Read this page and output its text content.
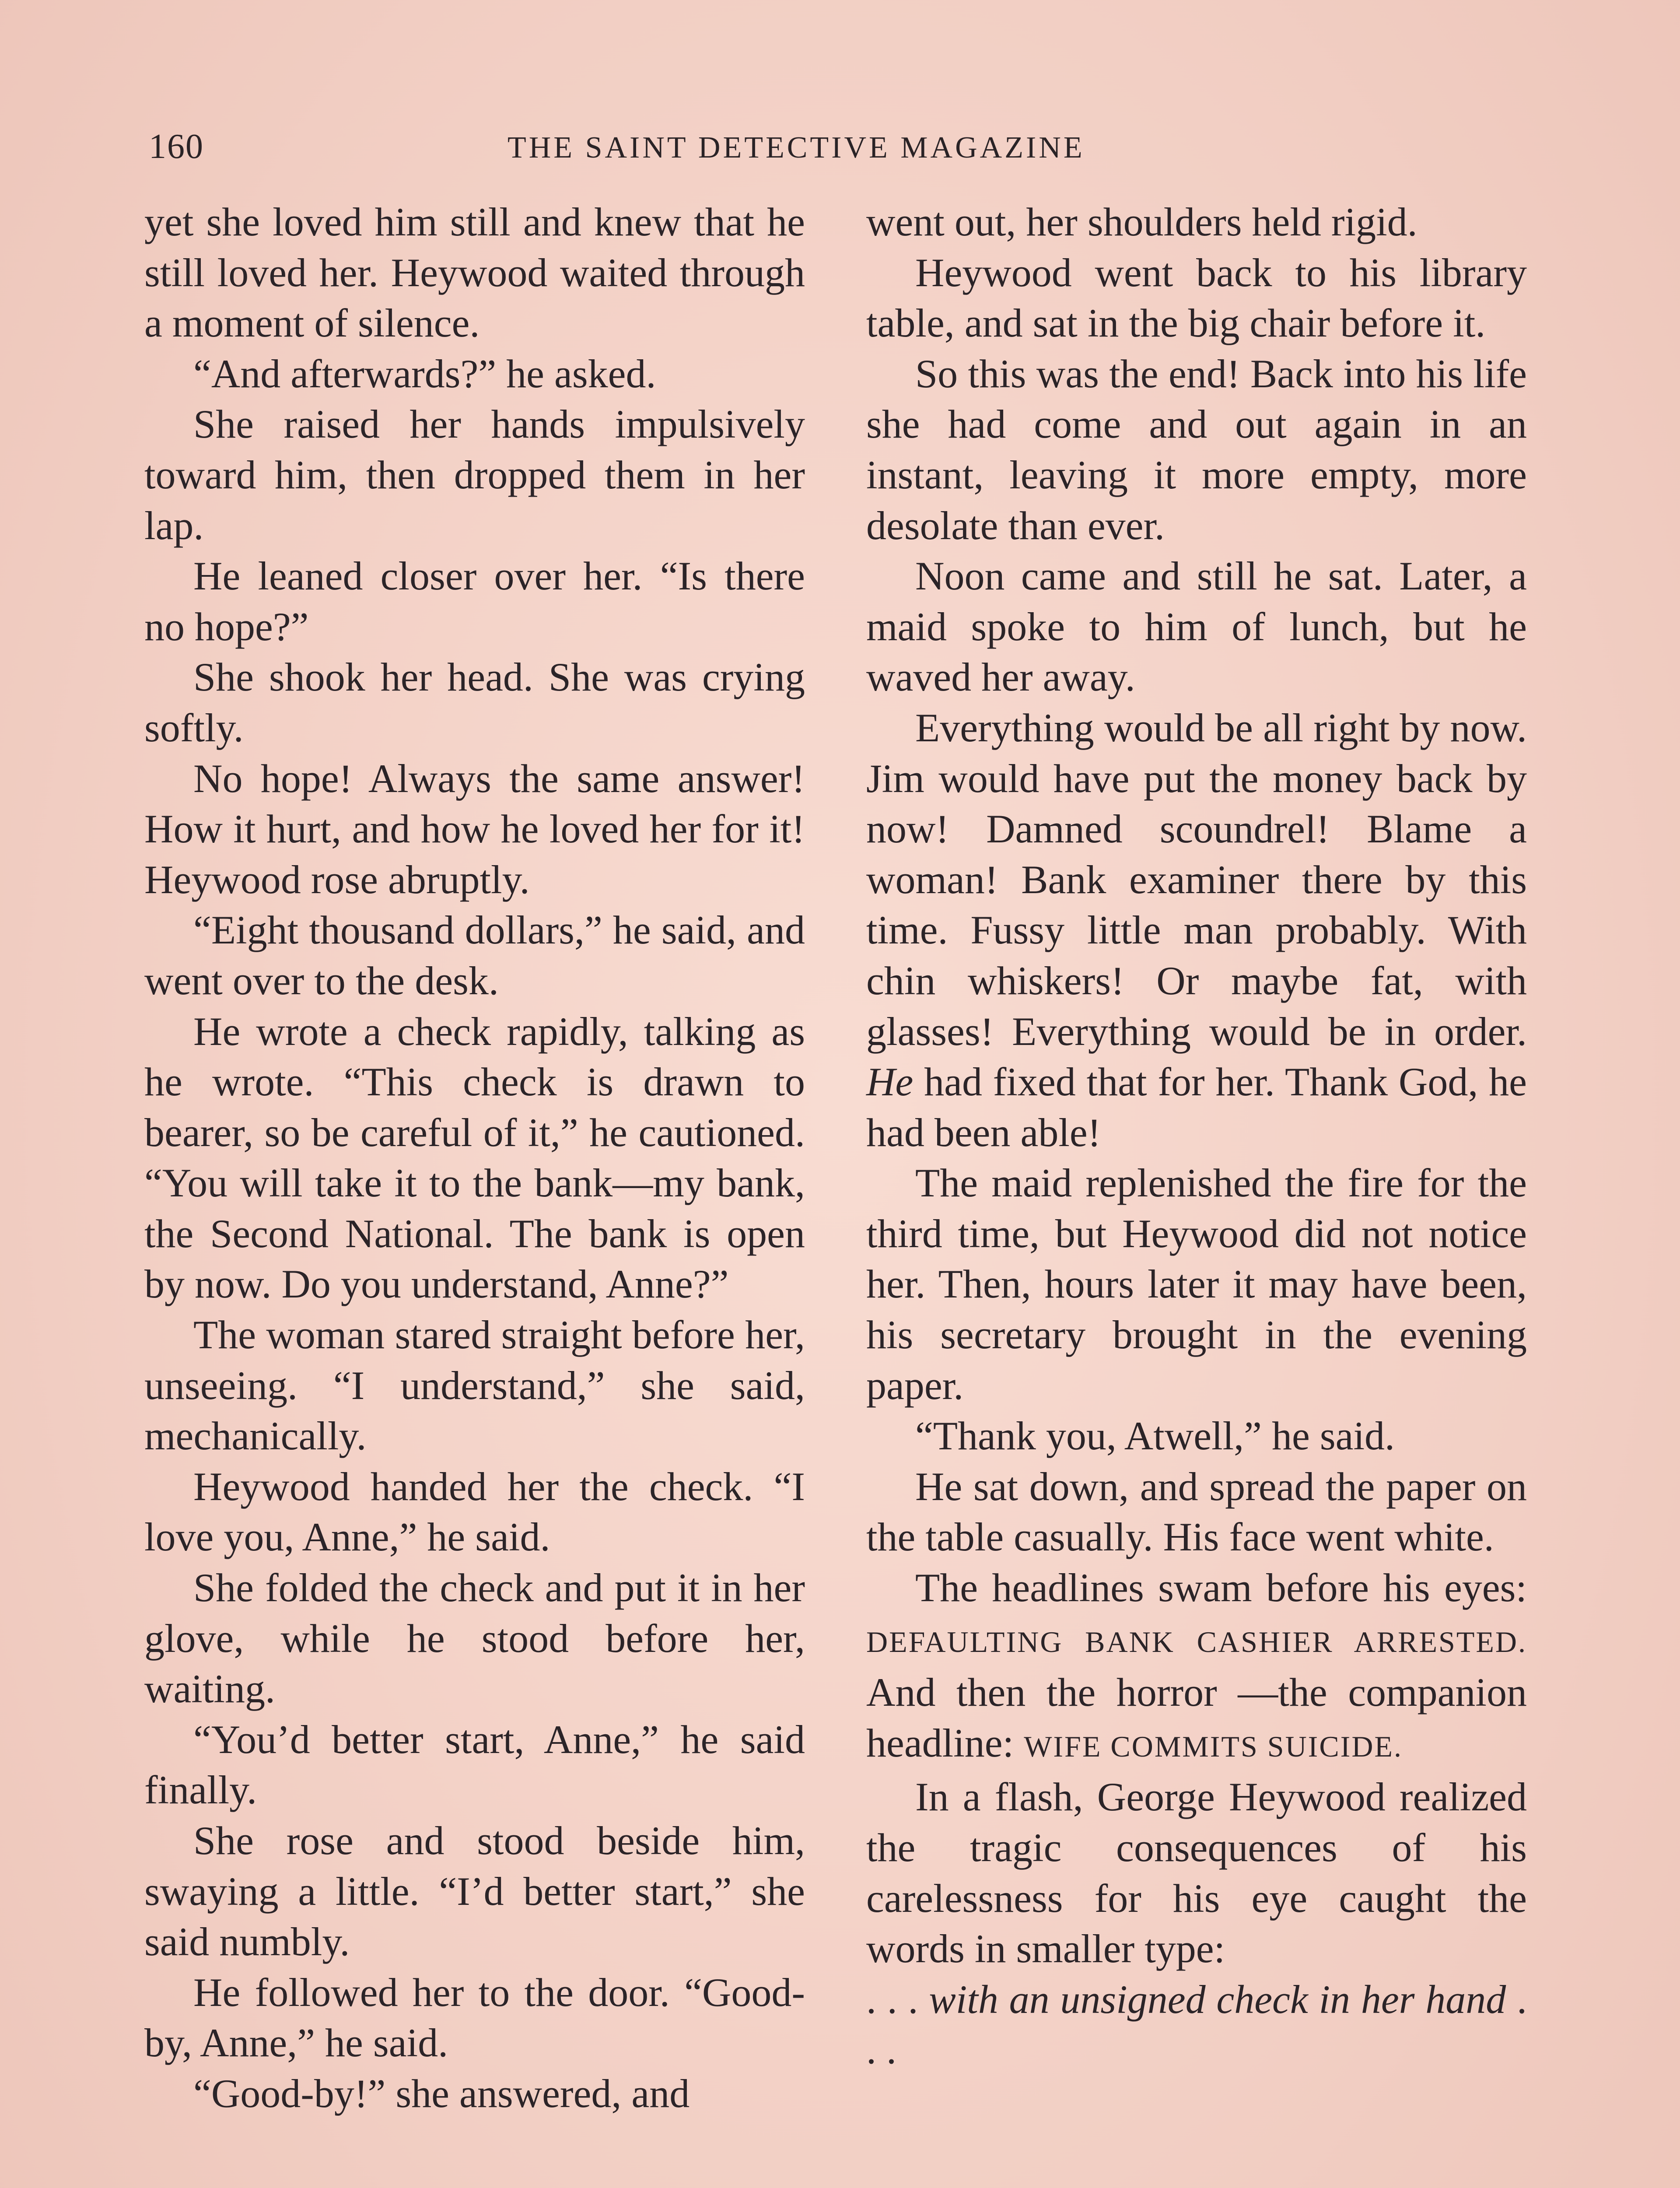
160	THE SAINT DETECTIVE MAGAZINE

yet she loved him still and knew that he still loved her. Heywood waited through a moment of silence.

“And afterwards?” he asked.

She raised her hands impulsively toward him, then dropped them in her lap.

He leaned closer over her. “Is there no hope?”

She shook her head. She was crying softly.

No hope! Always the same answer! How it hurt, and how he loved her for it! Heywood rose abruptly.

“Eight thousand dollars,” he said, and went over to the desk.

He wrote a check rapidly, talking as he wrote. “This check is drawn to bearer, so be careful of it,” he cautioned. “You will take it to the bank—my bank, the Second National. The bank is open by now. Do you understand, Anne?”

The woman stared straight before her, unseeing. “I understand,” she said, mechanically.

Heywood handed her the check. “I love you, Anne,” he said.

She folded the check and put it in her glove, while he stood before her, waiting.

“You’d better start, Anne,” he said finally.

She rose and stood beside him, swaying a little. “I’d better start,” she said numbly.

He followed her to the door. “Good-by, Anne,” he said.

“Good-by!” she answered, and

went out, her shoulders held rigid.

Heywood went back to his library table, and sat in the big chair before it.

So this was the end! Back into his life she had come and out again in an instant, leaving it more empty, more desolate than ever.

Noon came and still he sat. Later, a maid spoke to him of lunch, but he waved her away.

Everything would be all right by now. Jim would have put the money back by now! Damned scoundrel! Blame a woman! Bank examiner there by this time. Fussy little man probably. With chin whiskers! Or maybe fat, with glasses! Everything would be in order. He had fixed that for her. Thank God, he had been able!

The maid replenished the fire for the third time, but Heywood did not notice her. Then, hours later it may have been, his secretary brought in the evening paper.

“Thank you, Atwell,” he said.

He sat down, and spread the paper on the table casually. His face went white.

The headlines swam before his eyes: DEFAULTING BANK CASHIER ARRESTED. And then the horror —the companion headline: WIFE COMMITS SUICIDE.

In a flash, George Heywood realized the tragic consequences of his carelessness for his eye caught the words in smaller type:

. . . with an unsigned check in her hand . . .
